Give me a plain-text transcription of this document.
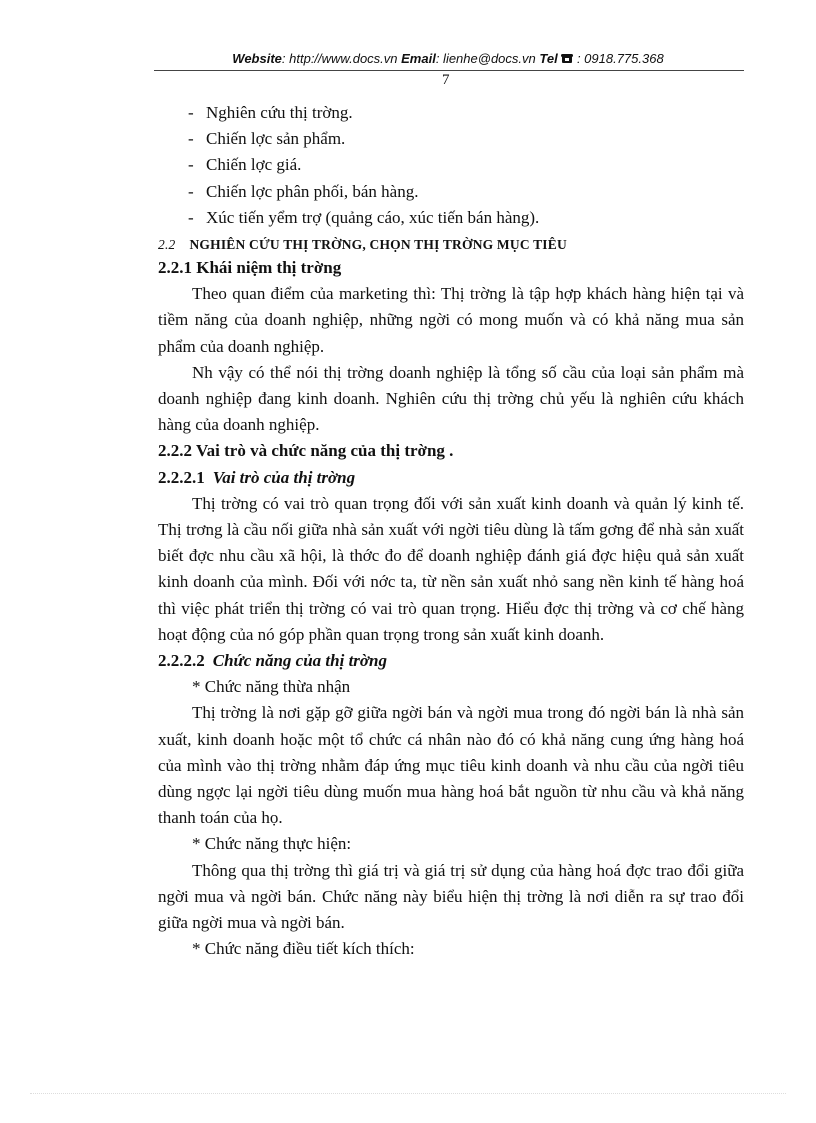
Website: http://www.docs.vn Email: lienhe@docs.vn Tel : 0918.775.368
7

- Nghiên cứu thị trờng.

- Chiến lợc sản phẩm.

- Chiến lợc giá.

- Chiến lợc phân phối, bán hàng.

- Xúc tiến yểm trợ (quảng cáo, xúc tiến bán hàng).

2.2 NGHIÊN CỨU THỊ TRỜNG, CHỌN THỊ TRỜNG MỤC TIÊU

2.2.1 Khái niệm thị trờng

Theo quan điểm của marketing thì: Thị trờng là tập hợp khách hàng hiện tại và tiềm năng của doanh nghiệp, những ngời có mong muốn và có khả năng mua sản phẩm của doanh nghiệp.

Nh vậy có thể nói thị trờng doanh nghiệp là tổng số cầu của loại sản phẩm mà doanh nghiệp đang kinh doanh. Nghiên cứu thị trờng chủ yếu là nghiên cứu khách hàng của doanh nghiệp.

2.2.2 Vai trò và chức năng của thị trờng .

2.2.2.1 Vai trò của thị trờng

Thị trờng có vai trò quan trọng đối với sản xuất kinh doanh và quản lý kinh tế. Thị trơng là cầu nối giữa nhà sản xuất với ngời tiêu dùng là tấm gơng để nhà sản xuất biết đợc nhu cầu xã hội, là thớc đo để doanh nghiệp đánh giá đợc hiệu quả sản xuất kinh doanh của mình. Đối với nớc ta, từ nền sản xuất nhỏ sang nền kinh tế hàng hoá thì việc phát triển thị trờng có vai trò quan trọng. Hiểu đợc thị trờng và cơ chế hàng hoạt động của nó góp phần quan trọng trong sản xuất kinh doanh.

2.2.2.2 Chức năng của thị trờng

* Chức năng thừa nhận

Thị trờng là nơi gặp gỡ giữa ngời bán và ngời mua trong đó ngời bán là nhà sản xuất, kinh doanh hoặc một tổ chức cá nhân nào đó có khả năng cung ứng hàng hoá của mình vào thị trờng nhằm đáp ứng mục tiêu kinh doanh và nhu cầu của ngời tiêu dùng ngợc lại ngời tiêu dùng muốn mua hàng hoá bắt nguồn từ nhu cầu và khả năng thanh toán của họ.

* Chức năng thực hiện:

Thông qua thị trờng thì giá trị và giá trị sử dụng của hàng hoá đợc trao đổi giữa ngời mua và ngời bán. Chức năng này biểu hiện thị trờng là nơi diễn ra sự trao đổi giữa ngời mua và ngời bán.

* Chức năng điều tiết kích thích:
